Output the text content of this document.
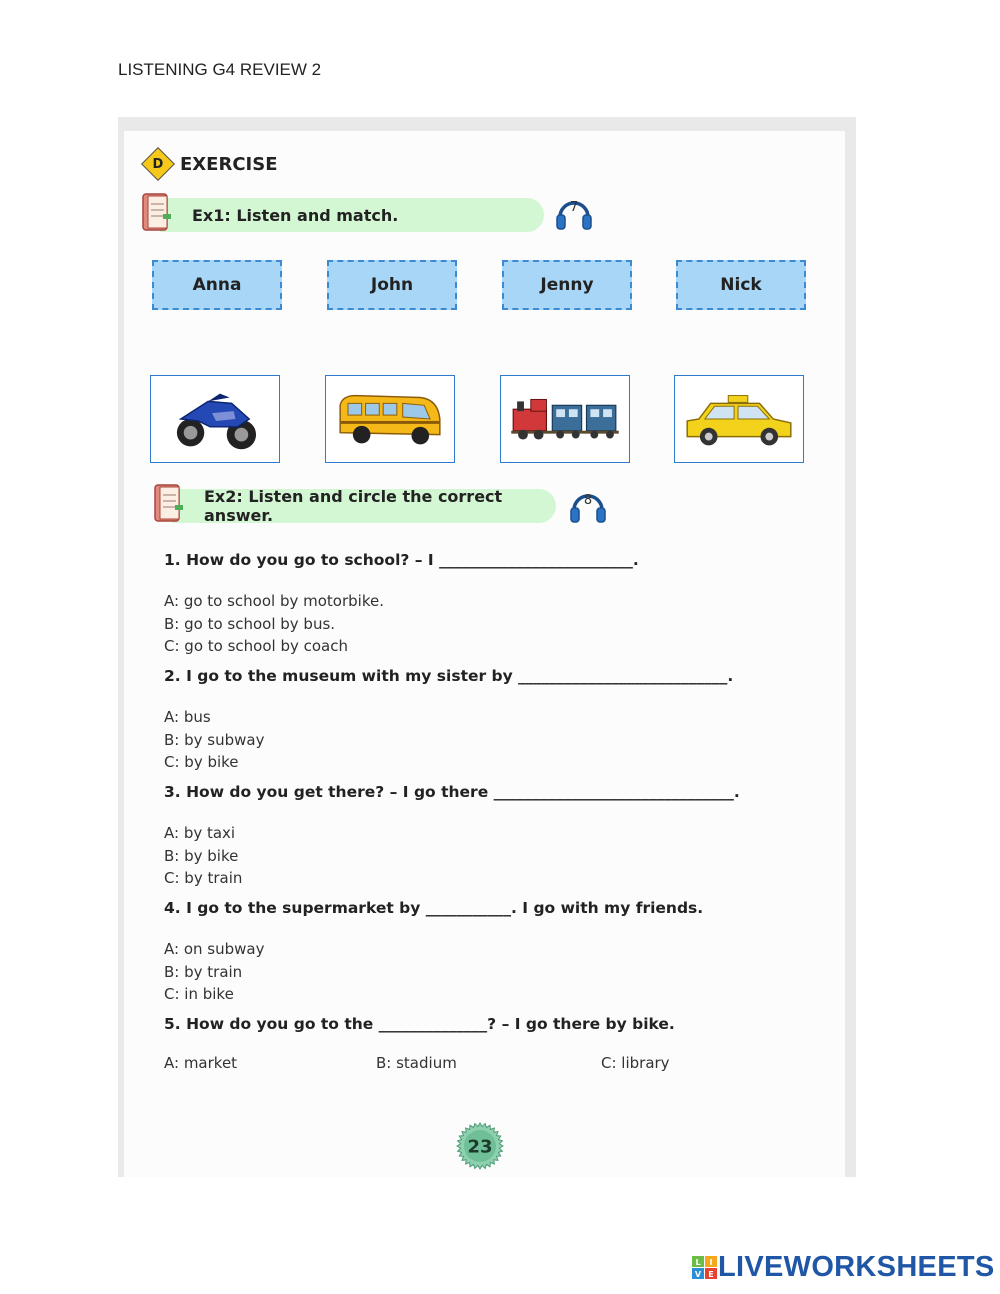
LISTENING G4 REVIEW 2
D EXERCISE
Ex1: Listen and match.	7
Anna	John	Jenny	Nick
Ex2: Listen and circle the correct answer.
8
1. How do you go to school? – I _________________________.
A: go to school by motorbike.
B: go to school by bus.
C: go to school by coach
2. I go to the museum with my sister by ___________________________.
A: bus
B: by subway
C: by bike
3. How do you get there? – I go there _______________________________.
A: by taxi
B: by bike
C: by train
4. I go to the supermarket by ___________. I go with my friends.
A: on subway
B: by train
C: in bike
5. How do you go to the ______________? – I go there by bike.
A: market	B: stadium	C: library
23
L I
V E LIVEWORKSHEETS
